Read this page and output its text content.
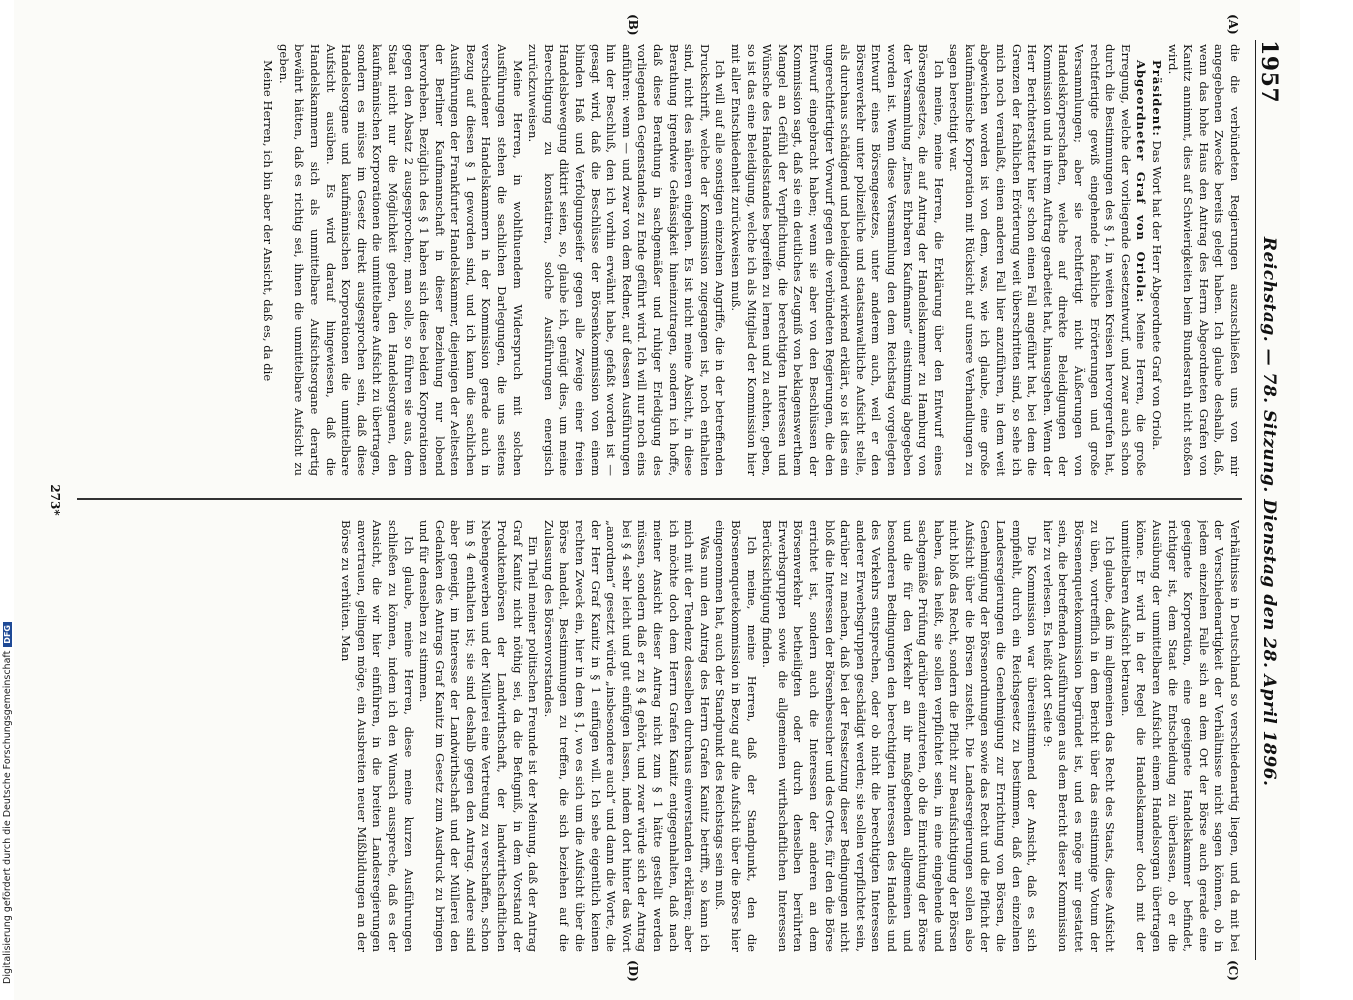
1957
Reichstag. — 78. Sitzung. Dienstag den 28. April 1896.
(A)
(B)
(C)
(D)

die die verbündeten Regierungen auszuschließen uns von mir angegebenen Zwecke bereits gelegt haben. Ich glaube deshalb, daß, wenn das hohe Haus den Antrag des Herrn Abgeordneten Grafen von Kanitz annimmt, dies auf Schwierigkeiten beim Bundesrath nicht stoßen wird.

Präsident: Das Wort hat der Herr Abgeordnete Graf von Oriola.

Abgeordneter Graf von Oriola: Meine Herren, die große Erregung, welche der vorliegende Gesetzentwurf, und zwar auch schon durch die Bestimmungen des § 1, in weiten Kreisen hervorgerufen hat, rechtfertigte gewiß eingehende fachliche Erörterungen und große Versammlungen; aber sie rechtfertigt nicht Äußerungen von Handelskörperschaften, welche auf direkte Beleidigungen der Kommission und in ihrem Auftrag gearbeitet hat, hinausgehen. Wenn der Herr Berichterstatter hier schon einen Fall angeführt hat, bei dem die Grenzen der fachlichen Erörterung weit überschritten sind, so sehe ich mich noch veranlaßt, einen anderen Fall hier anzuführen, in dem weit abgewichen worden ist von dem, was, wie ich glaube, eine große kaufmännische Korporation mit Rücksicht auf unsere Verhandlungen zu sagen berechtigt war.

Ich meine, meine Herren, die Erklärung über den Entwurf eines Börsengesetzes, die auf Antrag der Handelskammer zu Hamburg von der Versammlung „Eines Ehrbaren Kaufmanns“ einstimmig abgegeben worden ist. Wenn diese Versammlung den dem Reichstag vorgelegten Entwurf eines Börsengesetzes, unter anderem auch, weil er den Börsenverkehr unter polizeiliche und staatsanwaltliche Aufsicht stelle, als durchaus schädigend und beleidigend wirkend erklärt, so ist dies ein ungerechtfertigter Vorwurf gegen die verbündeten Regierungen, die den Entwurf eingebracht haben; wenn sie aber von den Beschlüssen der Kommission sagt, daß sie ein deutliches Zeugniß von beklagenswerthem Mangel an Gefühl der Verpflichtung, die berechtigten Interessen und Wünsche des Handelsstandes begreifen zu lernen und zu achten, geben, so ist das eine Beleidigung, welche ich als Mitglied der Kommission hier mit aller Entschiedenheit zurückweisen muß.

Ich will auf alle sonstigen einzelnen Angriffe, die in der betreffenden Druckschrift, welche der Kommission zugegangen ist, noch enthalten sind, nicht des näheren eingehen. Es ist nicht meine Absicht, in diese Berathung irgendwie Gehässigkeit hineinzutragen, sondern ich hoffe, daß diese Berathung in sachgemäßer und ruhiger Erledigung des vorliegenden Gegenstandes zu Ende geführt wird. Ich will nur noch eins anführen: wenn — und zwar von dem Redner, auf dessen Ausführungen hin der Beschluß, den ich vorhin erwähnt habe, gefaßt worden ist — gesagt wird, daß die Beschlüsse der Börsenkommission von einem blinden Haß und Verfolgungseifer gegen alle Zweige einer freien Handelsbewegung diktirt seien, so, glaube ich, genügt dies, um meine Berechtigung zu konstatiren, solche Ausführungen energisch zurückzuweisen.

Meine Herren, in wohlthuendem Widerspruch mit solchen Ausführungen stehen die sachlichen Darlegungen, die uns seitens verschiedener Handelskammern in der Kommission gerade auch in Bezug auf diesen § 1 geworden sind, und ich kann die sachlichen Ausführungen der Frankfurter Handelskammer, diejenigen der Aeltesten der Berliner Kaufmannschaft in dieser Beziehung nur lobend hervorheben. Bezüglich des § 1 haben sich diese beiden Korporationen gegen den Absatz 2 ausgesprochen; man solle, so führen sie aus, dem Staat nicht nur die Möglichkeit geben, den Handelsorganen, den kaufmännischen Korporationen die unmittelbare Aufsicht zu übertragen, sondern es müsse im Gesetz direkt ausgesprochen sein, daß diese Handelsorgane und kaufmännischen Korporationen die unmittelbare Aufsicht ausüben. Es wird darauf hingewiesen, daß die Handelskammern sich als unmittelbare Aufsichtsorgane derartig bewährt hätten, daß es richtig sei, ihnen die unmittelbare Aufsicht zu geben.

Meine Herren, ich bin aber der Ansicht, daß es, da die

Verhältnisse in Deutschland so verschiedenartig liegen, und da mit bei der Verschiedenartigkeit der Verhältnisse nicht sagen können, ob in jedem einzelnen Falle sich an dem Ort der Börse auch gerade eine geeignete Korporation, eine geeignete Handelskammer befindet, richtiger ist, dem Staat die Entscheidung zu überlassen, ob er die Ausübung der unmittelbaren Aufsicht einem Handelsorgan übertragen könne. Er wird in der Regel die Handelskammer doch mit der unmittelbaren Aufsicht betrauen.

Ich glaube, daß im allgemeinen das Recht des Staats, diese Aufsicht zu üben, vortrefflich in dem Bericht über das einstimmige Votum der Börsenenquetekommission begründet ist, und es möge mir gestattet sein, die betreffenden Ausführungen aus dem Bericht dieser Kommission hier zu verlesen. Es heißt dort Seite 9:

Die Kommission war übereinstimmend der Ansicht, daß es sich empfiehlt, durch ein Reichsgesetz zu bestimmen, daß den einzelnen Landesregierungen die Genehmigung zur Errichtung von Börsen, die Genehmigung der Börsenordnungen sowie das Recht und die Pflicht der Aufsicht über die Börsen zusteht. Die Landesregierungen sollen also nicht bloß das Recht, sondern die Pflicht zur Beaufsichtigung der Börsen haben, das heißt, sie sollen verpflichtet sein, in eine eingehende und sachgemäße Prüfung darüber einzutreten, ob die Einrichtung der Börse und die für den Verkehr an ihr maßgebenden allgemeinen und besonderen Bedingungen den berechtigten Interessen des Handels und des Verkehrs entsprechen, oder ob nicht die berechtigten Interessen anderer Erwerbsgruppen geschädigt werden; sie sollen verpflichtet sein, darüber zu machen, daß bei der Festsetzung dieser Bedingungen nicht bloß die Interessen der Börsenbesucher und des Ortes, für den die Börse errichtet ist, sondern auch die Interessen der anderen an dem Börsenverkehr betheiligten oder durch denselben berührten Erwerbsgruppen sowie die allgemeinen wirthschaftlichen Interessen Berücksichtigung finden.

Ich meine, meine Herren, daß der Standpunkt, den die Börsenenquetekommission in Bezug auf die Aufsicht über die Börse hier eingenommen hat, auch der Standpunkt des Reichstags sein muß.

Was nun den Antrag des Herrn Grafen Kanitz betrifft, so kann ich mich mit der Tendenz desselben durchaus einverstanden erklären; aber ich möchte doch dem Herrn Grafen Kanitz entgegenhalten, daß nach meiner Ansicht dieser Antrag nicht zum § 1 hätte gestellt werden müssen, sondern daß er zu § 4 gehört, und zwar würde sich der Antrag bei § 4 sehr leicht und gut einfügen lassen, indem dort hinter das Wort „anordnen“ gesetzt würde „insbesondere auch“ und dann die Worte, die der Herr Graf Kanitz in § 1 einfügen will. Ich sehe eigentlich keinen rechten Zweck ein, hier in dem § 1, wo es sich um die Aufsicht über die Börse handelt, Bestimmungen zu treffen, die sich beziehen auf die Zulassung des Börsenvorstandes.

Ein Theil meiner politischen Freunde ist der Meinung, daß der Antrag Graf Kanitz nicht nöthig sei, da die Befugniß, in dem Vorstand der Produktenbörsen der Landwirthschaft, der landwirthschaftlichen Nebengewerben und der Müllerei eine Vertretung zu verschaffen, schon im § 4 enthalten ist; sie sind deshalb gegen den Antrag. Andere sind aber geneigt, im Interesse der Landwirthschaft und der Müllerei den Gedanken des Antrags Graf Kanitz im Gesetz zum Ausdruck zu bringen und für denselben zu stimmen.

Ich glaube, meine Herren, diese meine kurzen Ausführungen schließen zu können, indem ich den Wunsch ausspreche, daß es der Ansicht, die wir hier einführen, in die breiten Landesregierungen anvertrauen, gelingen möge, ein Ausbreiten neuer Mißbildungen an der Börse zu verhüten. Man

273*
Digitalisierung gefördert durch die Deutsche ForschungsgemeinschaftDFG
